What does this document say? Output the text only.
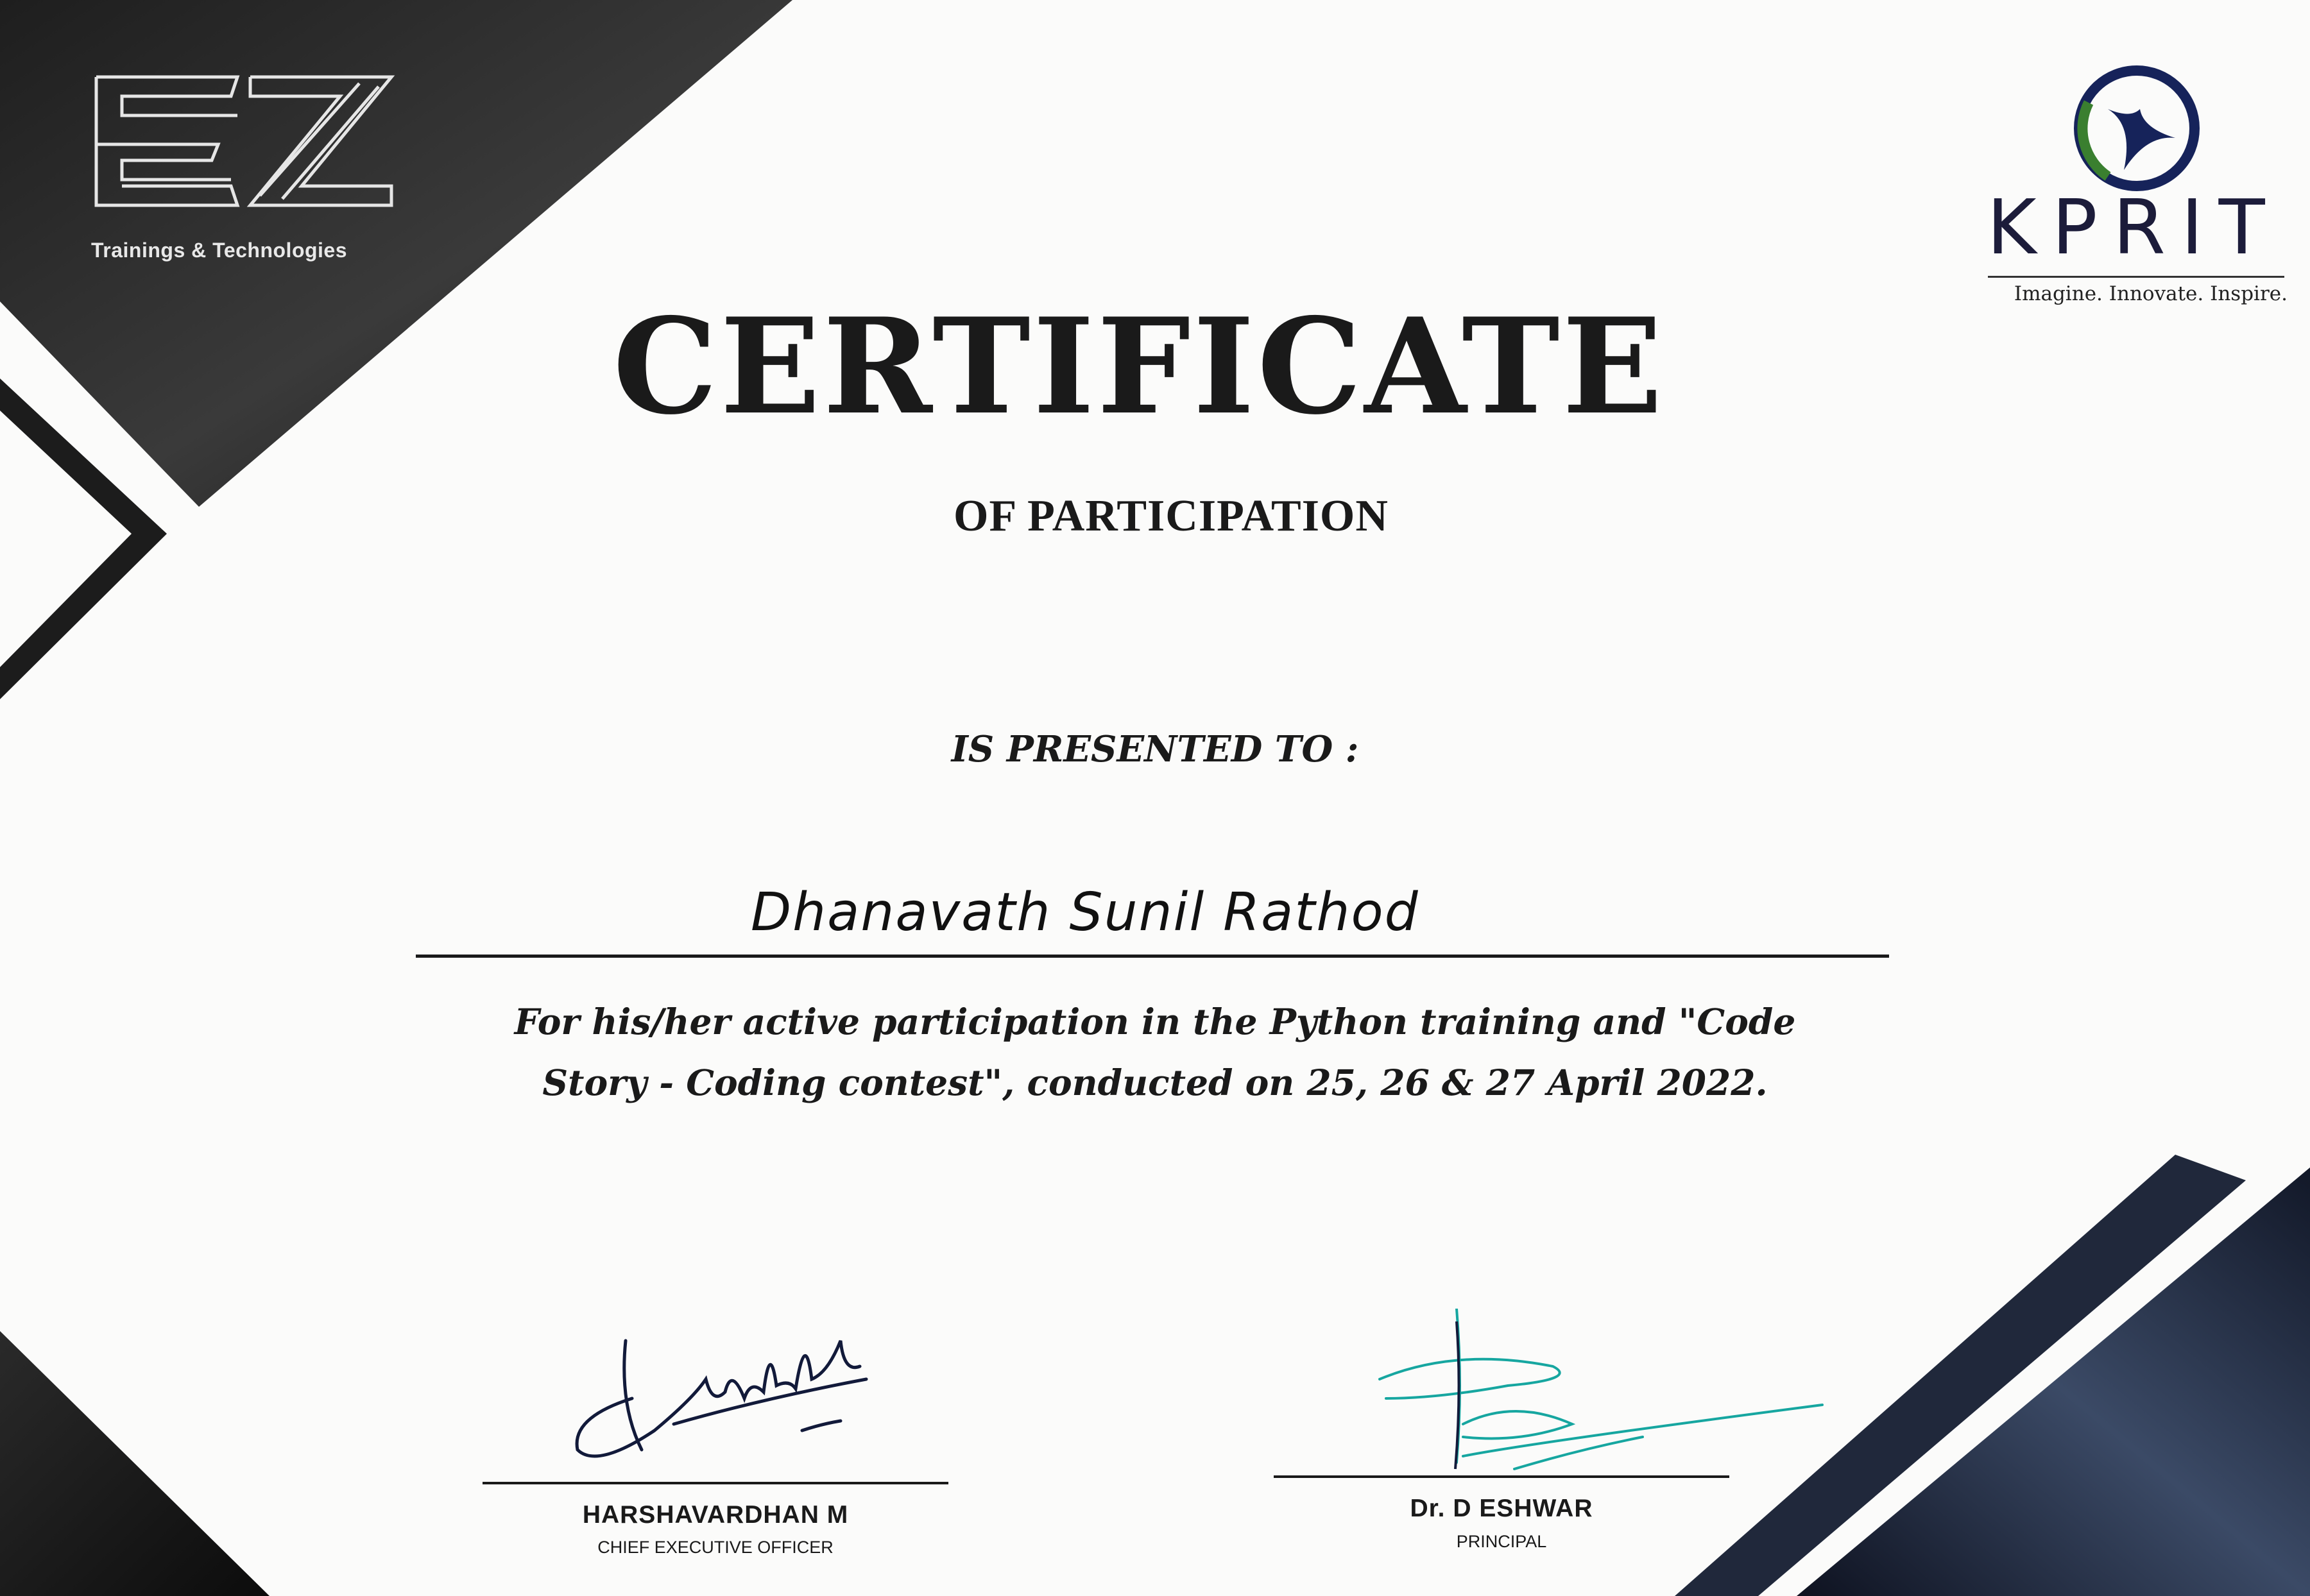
Trainings & Technologies	KPRIT
Imagine. Innovate. Inspire.
CERTIFICATE
OF PARTICIPATION
IS PRESENTED TO :
Dhanavath Sunil Rathod
For his/her active participation in the Python training and "Code
Story - Coding contest", conducted on 25, 26 & 27 April 2022.
HARSHAVARDHAN M
CHIEF EXECUTIVE OFFICER
Dr. D ESHWAR
PRINCIPAL
